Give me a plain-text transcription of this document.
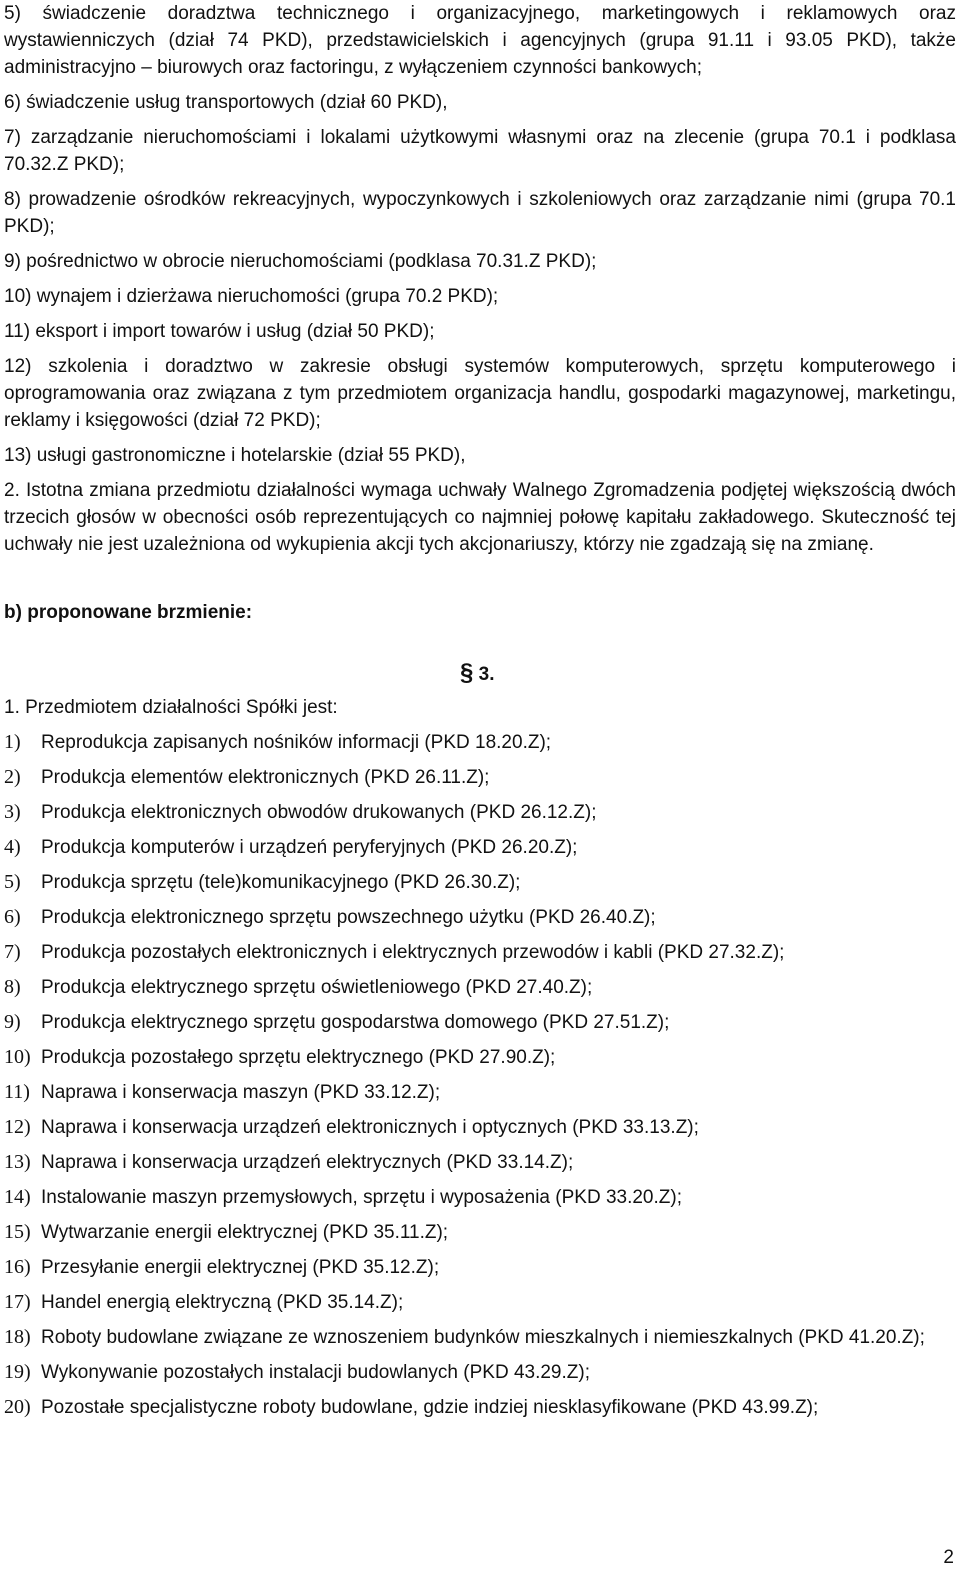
5) świadczenie doradztwa technicznego i organizacyjnego, marketingowych i reklamowych oraz wystawienniczych (dział 74 PKD), przedstawicielskich i agencyjnych (grupa 91.11 i 93.05 PKD), także administracyjno – biurowych oraz factoringu, z wyłączeniem czynności bankowych;
6) świadczenie usług transportowych (dział 60 PKD),
7) zarządzanie nieruchomościami i lokalami użytkowymi własnymi oraz na zlecenie (grupa 70.1 i podklasa 70.32.Z PKD);
8) prowadzenie ośrodków rekreacyjnych, wypoczynkowych i szkoleniowych oraz zarządzanie nimi (grupa 70.1 PKD);
9) pośrednictwo w obrocie nieruchomościami (podklasa 70.31.Z PKD);
10) wynajem i dzierżawa nieruchomości (grupa 70.2 PKD);
11) eksport i import towarów i usług (dział 50 PKD);
12) szkolenia i doradztwo w zakresie obsługi systemów komputerowych, sprzętu komputerowego i oprogramowania oraz związana z tym przedmiotem organizacja handlu, gospodarki magazynowej, marketingu, reklamy i księgowości (dział 72 PKD);
13) usługi gastronomiczne i hotelarskie (dział 55 PKD),
2. Istotna zmiana przedmiotu działalności wymaga uchwały Walnego Zgromadzenia podjętej większością dwóch trzecich głosów w obecności osób reprezentujących co najmniej połowę kapitału zakładowego. Skuteczność tej uchwały nie jest uzależniona od wykupienia akcji tych akcjonariuszy, którzy nie zgadzają się na zmianę.
b) proponowane brzmienie:
§ 3.
1. Przedmiotem działalności Spółki jest:
1)	Reprodukcja zapisanych nośników informacji (PKD 18.20.Z);
2)	Produkcja elementów elektronicznych (PKD 26.11.Z);
3)	Produkcja elektronicznych obwodów drukowanych (PKD 26.12.Z);
4)	Produkcja komputerów i urządzeń peryferyjnych (PKD 26.20.Z);
5)	Produkcja sprzętu (tele)komunikacyjnego (PKD 26.30.Z);
6)	Produkcja elektronicznego sprzętu powszechnego użytku (PKD 26.40.Z);
7)	Produkcja pozostałych elektronicznych i elektrycznych przewodów i kabli (PKD 27.32.Z);
8)	Produkcja elektrycznego sprzętu oświetleniowego (PKD 27.40.Z);
9)	Produkcja elektrycznego sprzętu gospodarstwa domowego (PKD 27.51.Z);
10) Produkcja pozostałego sprzętu elektrycznego (PKD 27.90.Z);
11) Naprawa i konserwacja maszyn (PKD 33.12.Z);
12) Naprawa i konserwacja urządzeń elektronicznych i optycznych (PKD 33.13.Z);
13) Naprawa i konserwacja urządzeń elektrycznych (PKD 33.14.Z);
14) Instalowanie maszyn przemysłowych, sprzętu i wyposażenia (PKD 33.20.Z);
15) Wytwarzanie energii elektrycznej (PKD 35.11.Z);
16) Przesyłanie energii elektrycznej (PKD 35.12.Z);
17) Handel energią elektryczną (PKD 35.14.Z);
18) Roboty budowlane związane ze wznoszeniem budynków mieszkalnych i niemieszkalnych (PKD 41.20.Z);
19) Wykonywanie pozostałych instalacji budowlanych (PKD 43.29.Z);
20) Pozostałe specjalistyczne roboty budowlane, gdzie indziej niesklasyfikowane (PKD 43.99.Z);
2
